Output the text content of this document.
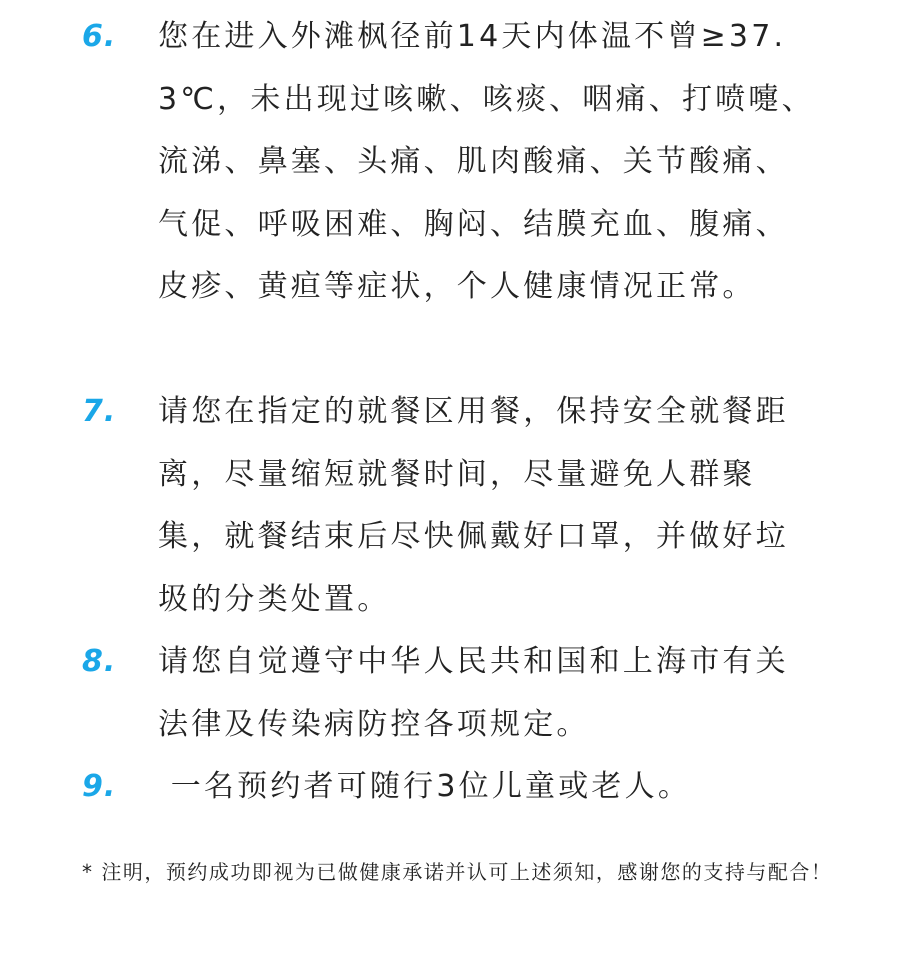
6. 您在进入外滩枫径前14天内体温不曾≥37.3℃，未出现过咳嗽、咳痰、咽痛、打喷嚏、流涕、鼻塞、头痛、肌肉酸痛、关节酸痛、气促、呼吸困难、胸闷、结膜充血、腹痛、皮疹、黄疸等症状，个人健康情况正常。
7. 请您在指定的就餐区用餐，保持安全就餐距离，尽量缩短就餐时间，尽量避免人群聚集，就餐结束后尽快佩戴好口罩，并做好垃圾的分类处置。
8. 请您自觉遵守中华人民共和国和上海市有关法律及传染病防控各项规定。
9. 一名预约者可随行3位儿童或老人。
* 注明，预约成功即视为已做健康承诺并认可上述须知，感谢您的支持与配合！
